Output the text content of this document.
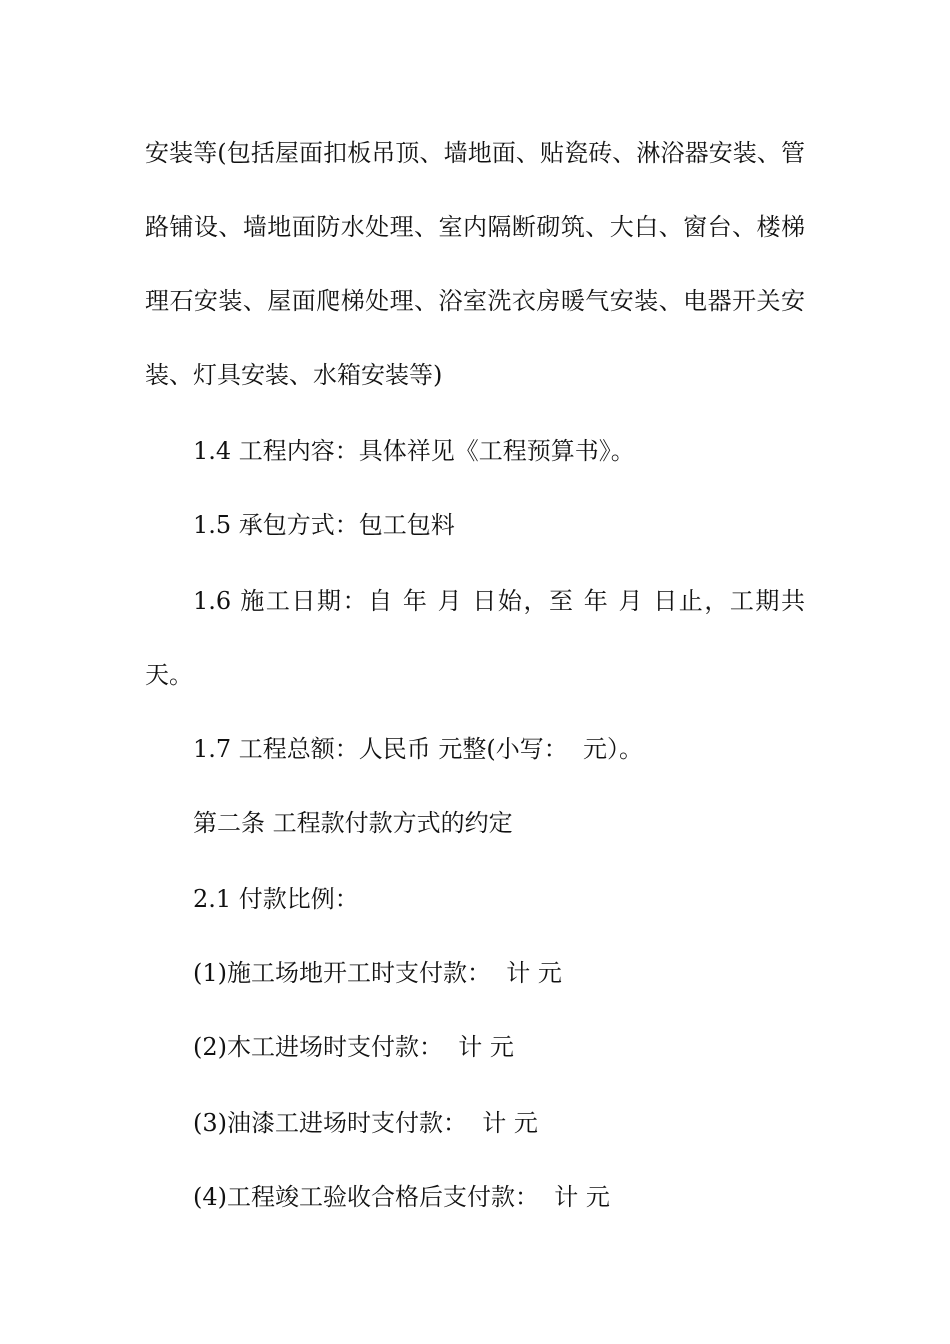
安装等(包括屋面扣板吊顶、墙地面、贴瓷砖、淋浴器安装、管
路铺设、墙地面防水处理、室内隔断砌筑、大白、窗台、楼梯
理石安装、屋面爬梯处理、浴室洗衣房暖气安装、电器开关安
装、灯具安装、水箱安装等)
1.4 工程内容：具体祥见《工程预算书》。
1.5 承包方式：包工包料
1.6 施工日期：自 年 月 日始，至 年 月 日止，工期共
天。
1.7 工程总额：人民币 元整(小写：  元）。
第二条 工程款付款方式的约定
2.1 付款比例：
(1)施工场地开工时支付款：  计 元
(2)木工进场时支付款：  计 元
(3)油漆工进场时支付款：  计 元
(4)工程竣工验收合格后支付款：  计 元
